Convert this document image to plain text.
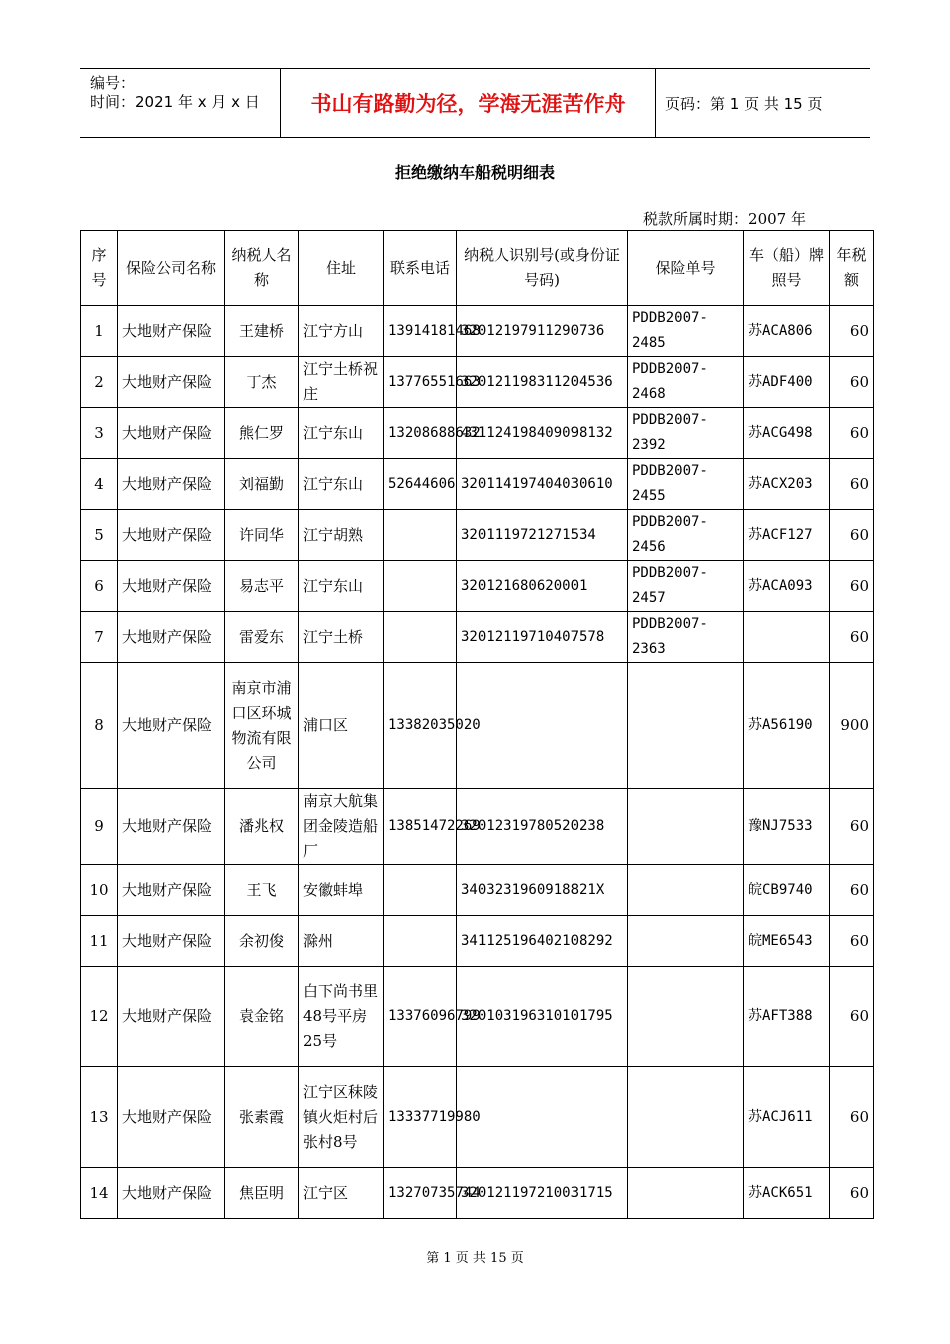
编号：
时间：2021 年 x 月 x 日	书山有路勤为径，学海无涯苦作舟	页码：第 1 页 共 15 页
拒绝缴纳车船税明细表
税款所属时期：2007 年
序号	保险公司名称	纳税人名称	住址	联系电话	纳税人识别号(或身份证号码)	保险单号	车（船）牌照号	年税额
1	大地财产保险	王建桥	江宁方山	13914181468	32012197911290736	PDDB2007-2485	苏ACA806	60
2	大地财产保险	丁杰	江宁土桥祝庄	13776551663	320121198311204536	PDDB2007-2468	苏ADF400	60
3	大地财产保险	熊仁罗	江宁东山	13208688632	431124198409098132	PDDB2007-2392	苏ACG498	60
4	大地财产保险	刘福勤	江宁东山	52644606	320114197404030610	PDDB2007-2455	苏ACX203	60
5	大地财产保险	许同华	江宁胡熟		3201119721271534	PDDB2007-2456	苏ACF127	60
6	大地财产保险	易志平	江宁东山		320121680620001	PDDB2007-2457	苏ACA093	60
7	大地财产保险	雷爱东	江宁土桥		32012119710407578	PDDB2007-2363		60
8	大地财产保险	南京市浦口区环城物流有限公司	浦口区	13382035020			苏A56190	900
9	大地财产保险	潘兆权	南京大航集团金陵造船厂	13851472269	32012319780520238		豫NJ7533	60
10	大地财产保险	王飞	安徽蚌埠		3403231960918821X		皖CB9740	60
11	大地财产保险	余初俊	滁州		341125196402108292		皖ME6543	60
12	大地财产保险	袁金铭	白下尚书里48号平房25号	13376096799	320103196310101795		苏AFT388	60
13	大地财产保险	张素霞	江宁区秣陵镇火炬村后张村8号	13337719980			苏ACJ611	60
14	大地财产保险	焦臣明	江宁区	13270735744	320121197210031715		苏ACK651	60
第 1 页 共 15 页
